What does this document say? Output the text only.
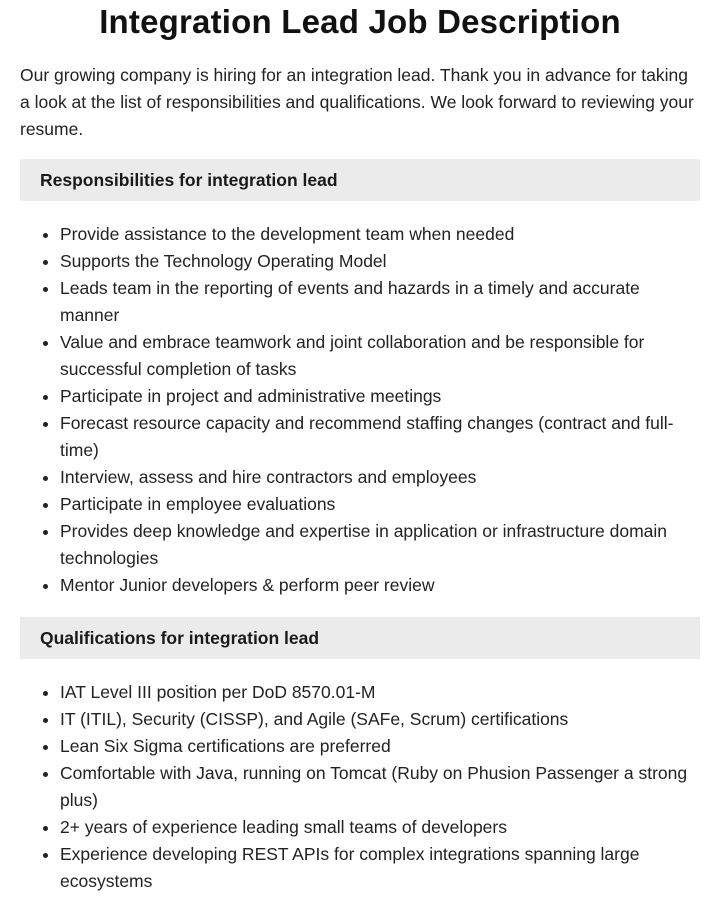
Integration Lead Job Description

Our growing company is hiring for an integration lead. Thank you in advance for taking a look at the list of responsibilities and qualifications. We look forward to reviewing your resume.

Responsibilities for integration lead
• Provide assistance to the development team when needed
• Supports the Technology Operating Model
• Leads team in the reporting of events and hazards in a timely and accurate manner
• Value and embrace teamwork and joint collaboration and be responsible for successful completion of tasks
• Participate in project and administrative meetings
• Forecast resource capacity and recommend staffing changes (contract and full-time)
• Interview, assess and hire contractors and employees
• Participate in employee evaluations
• Provides deep knowledge and expertise in application or infrastructure domain technologies
• Mentor Junior developers & perform peer review
Qualifications for integration lead
• IAT Level III position per DoD 8570.01-M
• IT (ITIL), Security (CISSP), and Agile (SAFe, Scrum) certifications
• Lean Six Sigma certifications are preferred
• Comfortable with Java, running on Tomcat (Ruby on Phusion Passenger a strong plus)
• 2+ years of experience leading small teams of developers
• Experience developing REST APIs for complex integrations spanning large ecosystems
